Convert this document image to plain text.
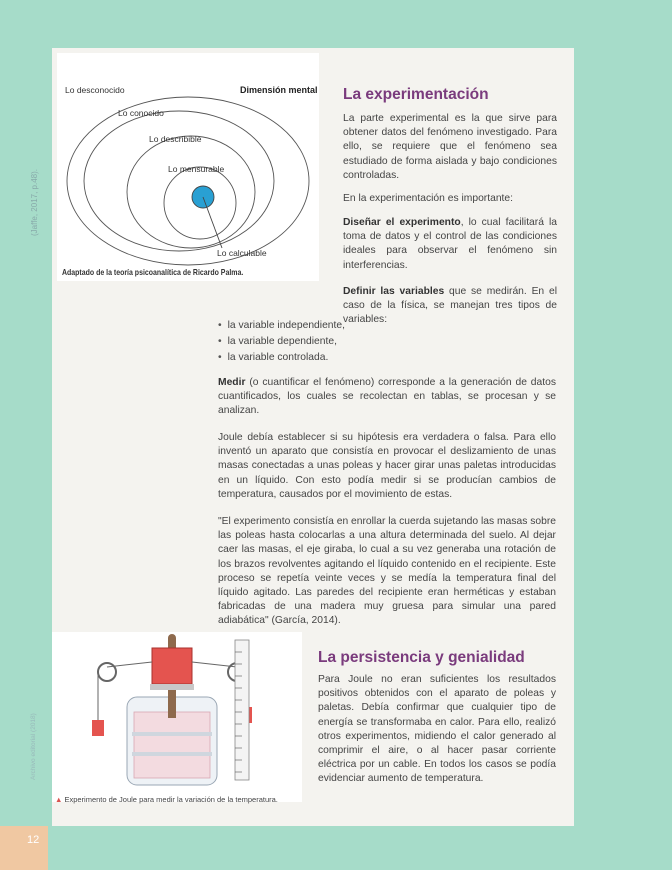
(Jaffe, 2017, p.48).
Archivo editorial (2018)
Lo desconocido	Dimensión mental
Lo conocido
Lo describible
Lo mensurable
Lo calculable
Adaptado de la teoría psicoanalítica de Ricardo Palma.
La experimentación

La parte experimental es la que sirve para obtener datos del fenómeno investigado. Para ello, se requiere que el fenómeno sea estudiado de forma aislada y bajo condiciones controladas.

En la experimentación es importante:

Diseñar el experimento, lo cual facilitará la toma de datos y el control de las condiciones ideales para observar el fenómeno sin interferencias.

Definir las variables que se medirán. En el caso de la física, se manejan tres tipos de variables:

• la variable independiente,
• la variable dependiente,
• la variable controlada.

Medir (o cuantificar el fenómeno) corresponde a la generación de datos cuantificados, los cuales se recolectan en tablas, se procesan y se analizan.

Joule debía establecer si su hipótesis era verdadera o falsa. Para ello inventó un aparato que consistía en provocar el deslizamiento de unas masas conectadas a unas poleas y hacer girar unas paletas introducidas en un líquido. Con esto podía medir si se producían cambios de temperatura, causados por el movimiento de estas.

"El experimento consistía en enrollar la cuerda sujetando las masas sobre las poleas hasta colocarlas a una altura determinada del suelo. Al dejar caer las masas, el eje giraba, lo cual a su vez generaba una rotación de los brazos revolventes agitando el líquido contenido en el recipiente. Este proceso se repetía veinte veces y se medía la temperatura final del líquido agitado. Las paredes del recipiente eran herméticas y estaban fabricadas de una madera muy gruesa para simular una pared adiabática" (García, 2014).

▲ Experimento de Joule para medir la variación de la temperatura.
La persistencia y genialidad

Para Joule no eran suficientes los resultados positivos obtenidos con el aparato de poleas y paletas. Debía confirmar que cualquier tipo de energía se transformaba en calor. Para ello, realizó otros experimentos, midiendo el calor generado al comprimir el aire, o al hacer pasar corriente eléctrica por un cable. En todos los casos se podía evidenciar aumento de temperatura.

12
